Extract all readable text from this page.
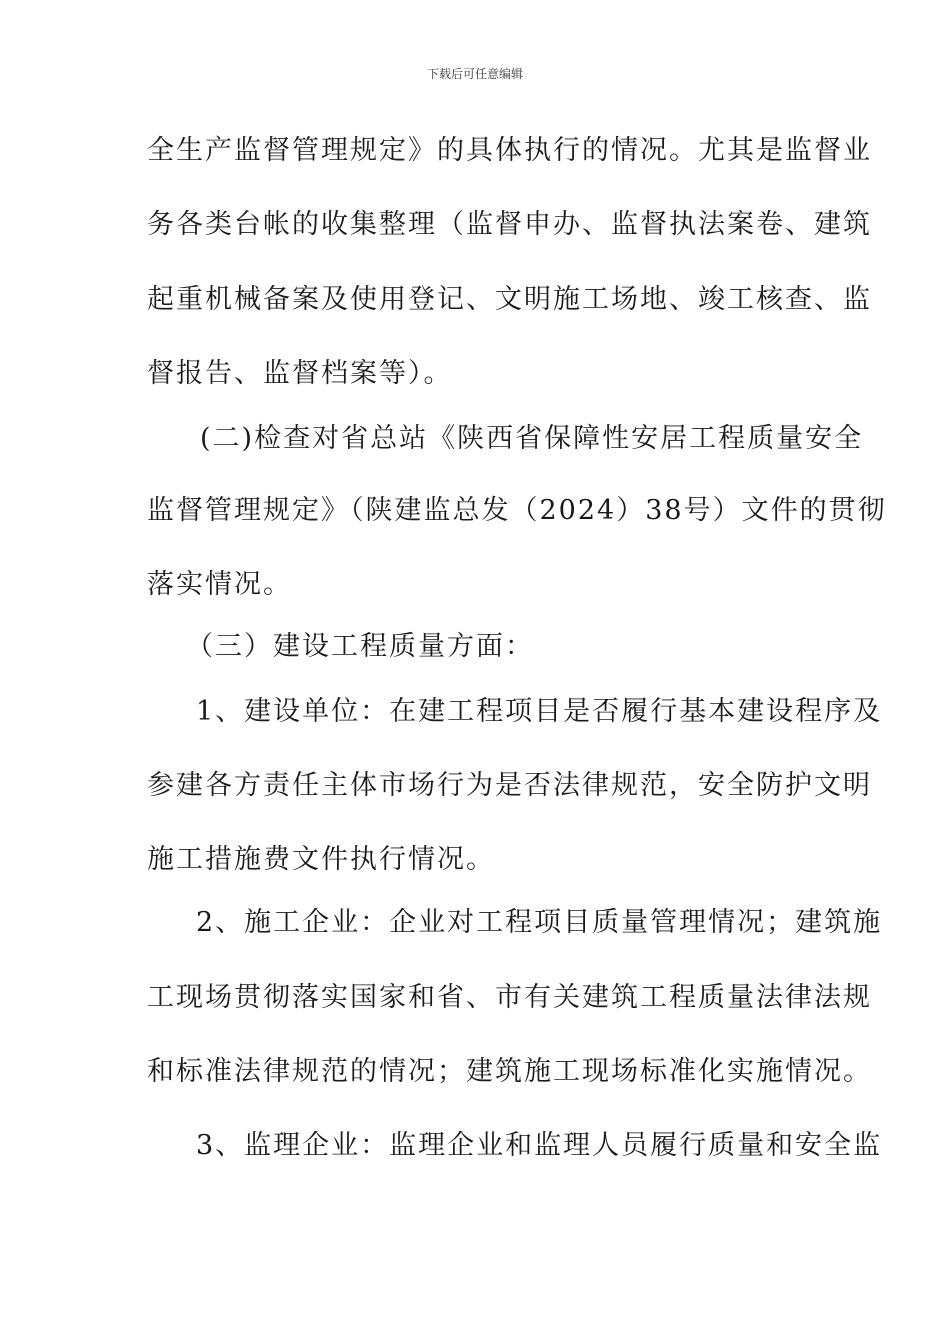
下载后可任意编辑
全生产监督管理规定》的具体执行的情况。尤其是监督业
务各类台帐的收集整理（监督申办、监督执法案卷、建筑
起重机械备案及使用登记、文明施工场地、竣工核查、监
督报告、监督档案等）。
(二)检查对省总站《陕西省保障性安居工程质量安全
监督管理规定》（陕建监总发（2024）38号）文件的贯彻
落实情况。
（三）建设工程质量方面：
1、建设单位：在建工程项目是否履行基本建设程序及
参建各方责任主体市场行为是否法律规范，安全防护文明
施工措施费文件执行情况。
2、施工企业：企业对工程项目质量管理情况；建筑施
工现场贯彻落实国家和省、市有关建筑工程质量法律法规
和标准法律规范的情况；建筑施工现场标准化实施情况。
3、监理企业：监理企业和监理人员履行质量和安全监
